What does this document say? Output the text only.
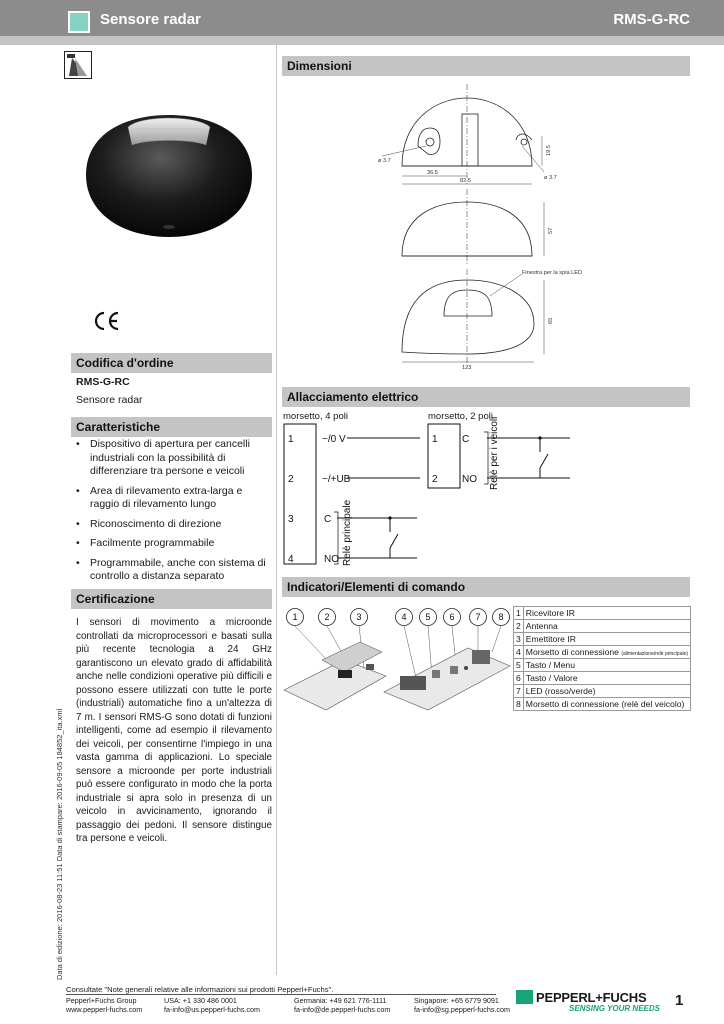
Sensore radar	RMS-G-RC
Codifica d'ordine
RMS-G-RC
Sensore radar
Caratteristiche
• Dispositivo di apertura per cancelli industriali con la possibilità di differenziare tra persone e veicoli
• Area di rilevamento extra-larga e raggio di rilevamento lungo
• Riconoscimento di direzione
• Facilmente programmabile
• Programmabile, anche con sistema di controllo a distanza separato
Certificazione
I sensori di movimento a microonde controllati da microprocessori e basati sulla più recente tecnologia a 24 GHz garantiscono un elevato grado di affidabilità anche nelle condizioni operative più difficili e possono essere utilizzati con tutte le porte (industriali) automatiche fino a un'altezza di 7 m. I sensori RMS-G sono dotati di funzioni intelligenti, come ad esempio il rilevamento dei veicoli, per consentirne l'impiego in una vasta gamma di applicazioni. Lo speciale sensore a microonde per porte industriali può essere configurato in modo che la porta industriale si apra solo in presenza di un veicolo in avvicinamento, ignorando il passaggio dei pedoni. Il sensore distingue tra persone e veicoli.
Data di edizione: 2016-08-23 11:51 Data di stampare: 2016-09-05 184852_ita.xml
Dimensioni
ø 3.7
ø 3.7
36.5
82.5
19.5
57
65
123
Finestra per la spia LED
Allacciamento elettrico
morsetto, 4 poli	morsetto, 2 poli
1	~/0 V
2	~/+UB
3	C
4	NO
1 C
2 NO
Relè principale
Relè per i veicoli
Indicatori/Elementi di comando
1	2	3	4 5 6 7 8 1	Ricevitore IR
2	Antenna
3	Emettitore IR
4	Morsetto di connessione (alimentazione/relè principale)
5	Tasto / Menu
6	Tasto / Valore
7	LED (rosso/verde)
8	Morsetto di connessione (relè del veicolo)
Consultate "Note generali relative alle informazioni sui prodotti Pepperl+Fuchs".
Pepperl+Fuchs Group
www.pepperl-fuchs.com
USA: +1 330 486 0001
fa-info@us.pepperl-fuchs.com
Germania: +49 621 776-1111
fa-info@de.pepperl-fuchs.com
Singapore: +65 6779 9091
fa-info@sg.pepperl-fuchs.com
PEPPERL+FUCHS
SENSING YOUR NEEDS 1
